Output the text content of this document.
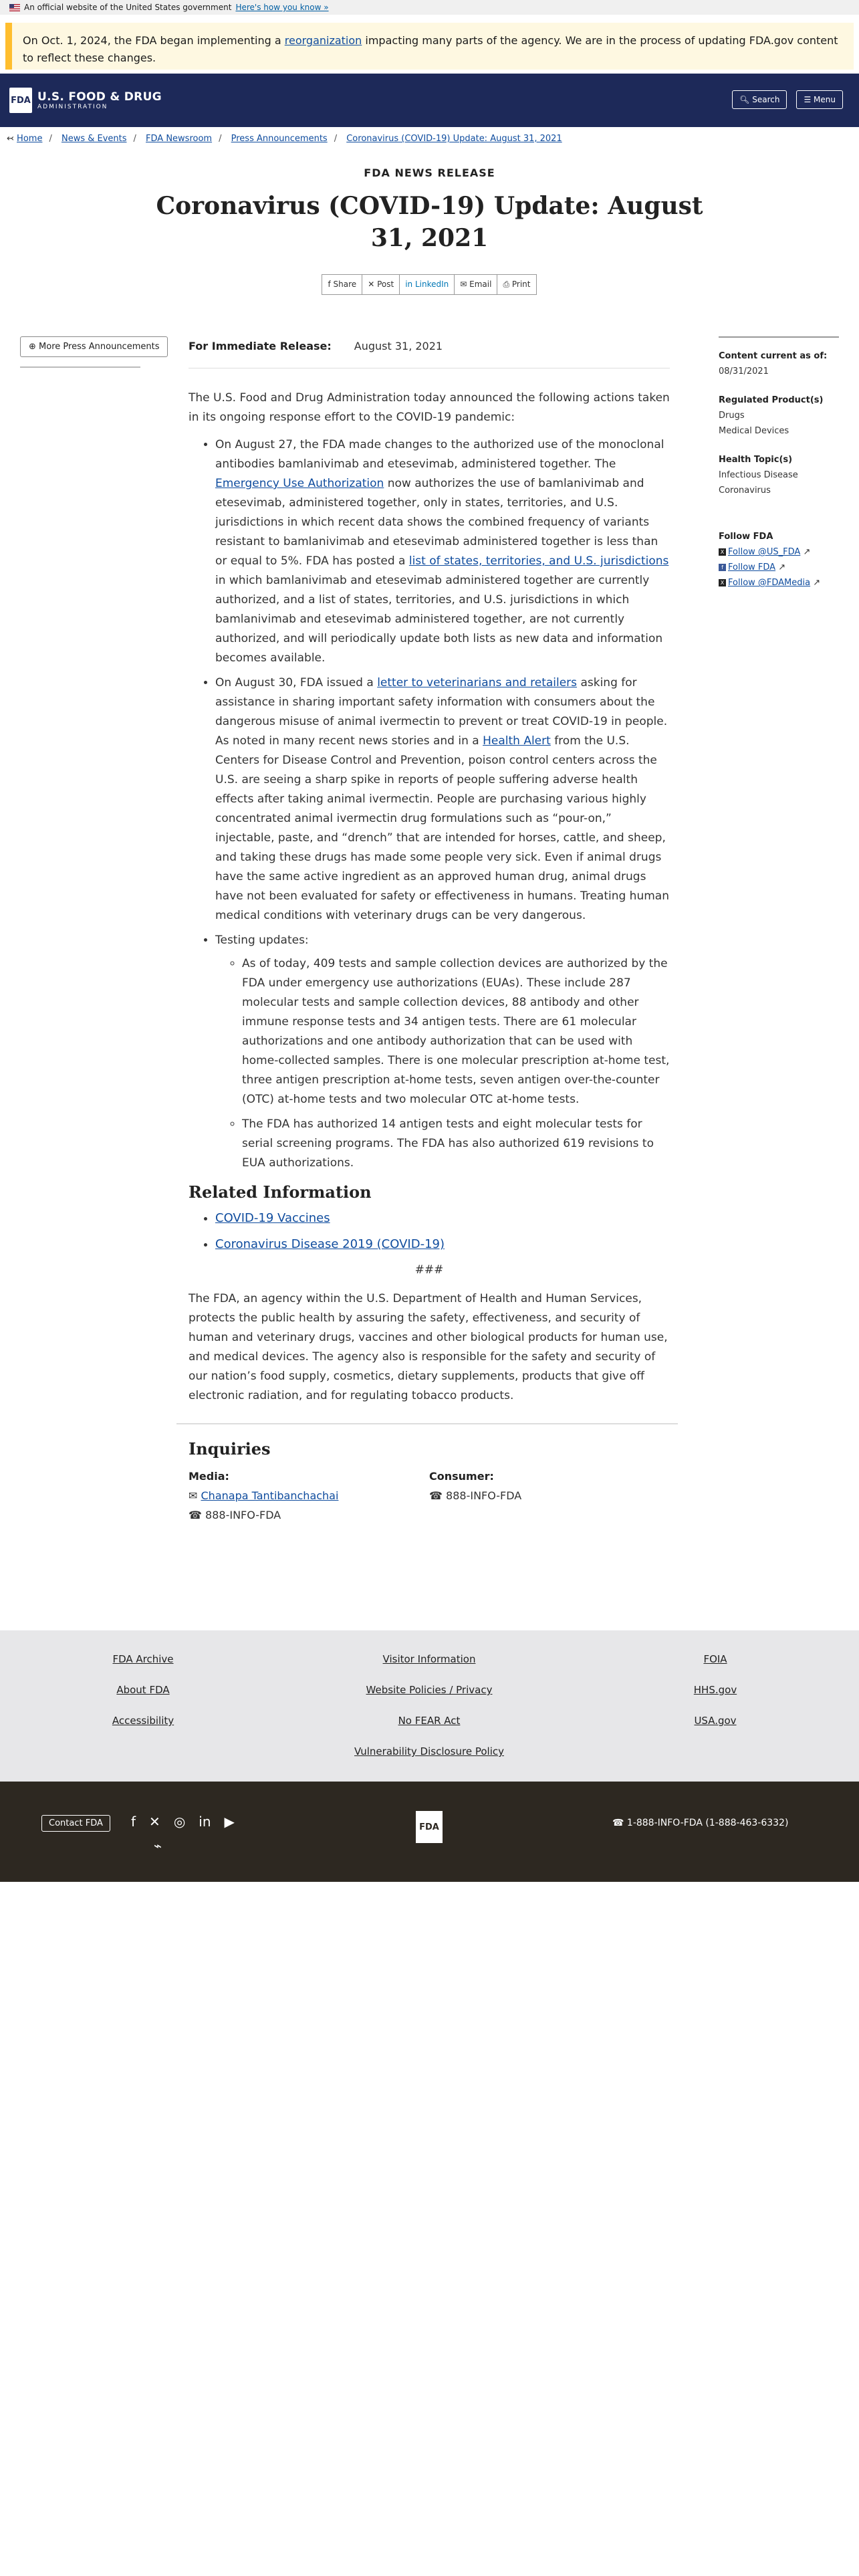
An official website of the United States government Here's how you know »
On Oct. 1, 2024, the FDA began implementing a reorganization impacting many parts of the agency. We are in the process of updating FDA.gov content to reflect these changes.
FDA U.S. FOOD & DRUG
ADMINISTRATION
🔍︎ Search	☰ Menu
↢ Home / News & Events / FDA Newsroom / Press Announcements / Coronavirus (COVID-19) Update: August 31, 2021
FDA NEWS RELEASE
Coronavirus (COVID-19) Update: August 31, 2021
f Share	✕ Post	in LinkedIn	✉ Email	⎙ Print
⊕ More Press Announcements	For Immediate Release: August 31, 2021

The U.S. Food and Drug Administration today announced the following actions taken in its ongoing response effort to the COVID-19 pandemic:

• On August 27, the FDA made changes to the authorized use of the monoclonal antibodies bamlanivimab and etesevimab, administered together. The Emergency Use Authorization now authorizes the use of bamlanivimab and etesevimab, administered together, only in states, territories, and U.S. jurisdictions in which recent data shows the combined frequency of variants resistant to bamlanivimab and etesevimab administered together is less than or equal to 5%. FDA has posted a list of states, territories, and U.S. jurisdictions in which bamlanivimab and etesevimab administered together are currently authorized, and a list of states, territories, and U.S. jurisdictions in which bamlanivimab and etesevimab administered together, are not currently authorized, and will periodically update both lists as new data and information becomes available.
• On August 30, FDA issued a letter to veterinarians and retailers asking for assistance in sharing important safety information with consumers about the dangerous misuse of animal ivermectin to prevent or treat COVID-19 in people. As noted in many recent news stories and in a Health Alert from the U.S. Centers for Disease Control and Prevention, poison control centers across the U.S. are seeing a sharp spike in reports of people suffering adverse health effects after taking animal ivermectin. People are purchasing various highly concentrated animal ivermectin drug formulations such as “pour-on,” injectable, paste, and “drench” that are intended for horses, cattle, and sheep, and taking these drugs has made some people very sick. Even if animal drugs have the same active ingredient as an approved human drug, animal drugs have not been evaluated for safety or effectiveness in humans. Treating human medical conditions with veterinary drugs can be very dangerous.
• Testing updates:
◦ As of today, 409 tests and sample collection devices are authorized by the FDA under emergency use authorizations (EUAs). These include 287 molecular tests and sample collection devices, 88 antibody and other immune response tests and 34 antigen tests. There are 61 molecular authorizations and one antibody authorization that can be used with home-collected samples. There is one molecular prescription at-home test, three antigen prescription at-home tests, seven antigen over-the-counter (OTC) at-home tests and two molecular OTC at-home tests.
◦ The FDA has authorized 14 antigen tests and eight molecular tests for serial screening programs. The FDA has also authorized 619 revisions to EUA authorizations.
Related Information
• COVID-19 Vaccines
• Coronavirus Disease 2019 (COVID-19)
###

The FDA, an agency within the U.S. Department of Health and Human Services, protects the public health by assuring the safety, effectiveness, and security of human and veterinary drugs, vaccines and other biological products for human use, and medical devices. The agency also is responsible for the safety and security of our nation’s food supply, cosmetics, dietary supplements, products that give off electronic radiation, and for regulating tobacco products.

Inquiries
Media:
✉ Chanapa Tantibanchachai
☎ 888-INFO-FDA
Consumer:
☎ 888-INFO-FDA
Content current as of:
08/31/2021
Regulated Product(s)
Drugs
Medical Devices
Health Topic(s)
Infectious Disease
Coronavirus
Follow FDA
X Follow @US_FDA ↗
f Follow FDA ↗
X Follow @FDAMedia ↗
FDA Archive	Visitor Information	FOIA
About FDA	Website Policies / Privacy	HHS.gov
Accessibility	No FEAR Act	USA.gov
Vulnerability Disclosure Policy
Contact FDA	f ✕ ◎ in ▶
⌁
FDA	☎ 1-888-INFO-FDA (1-888-463-6332)
